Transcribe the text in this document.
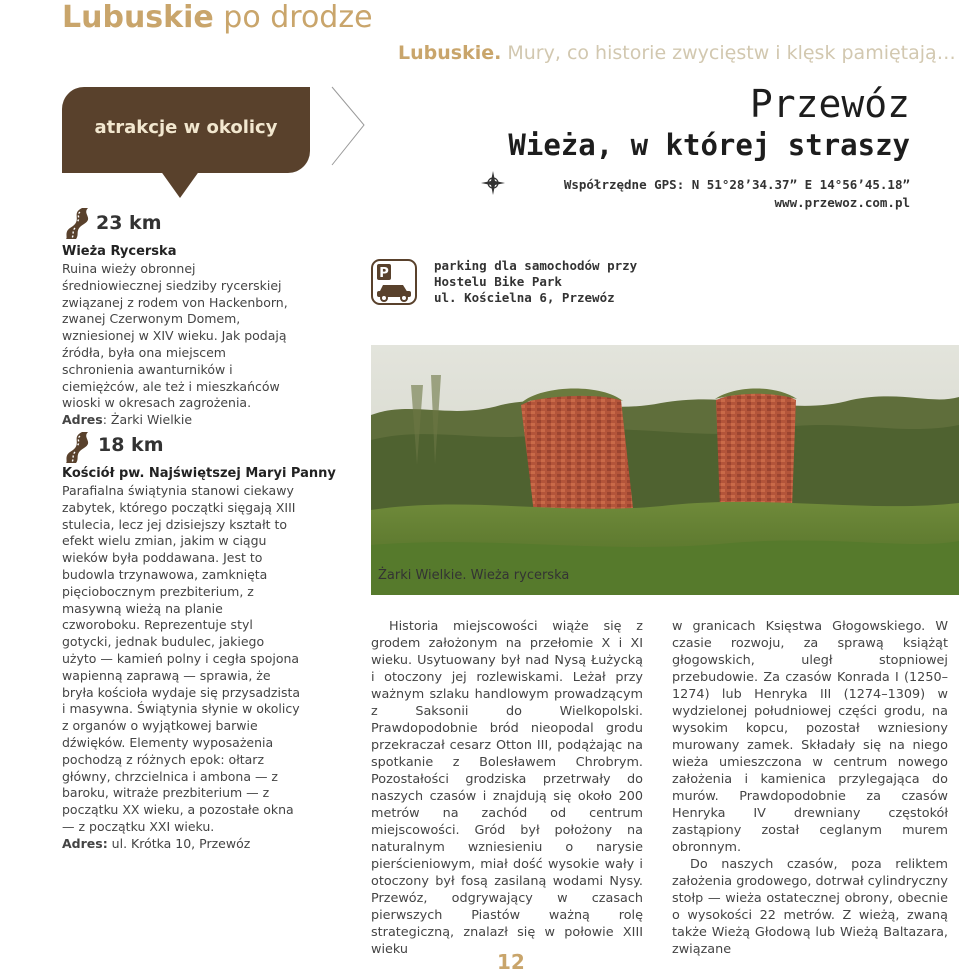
Lubuskie po drodze
Lubuskie. Mury, co historie zwycięstw i klęsk pamiętają…
atrakcje w okolicy
23 km
Wieża Rycerska
Ruina wieży obronnej średniowiecznej siedziby rycerskiej związanej z rodem von Hackenborn, zwanej Czerwonym Domem, wzniesionej w XIV wieku. Jak podają źródła, była ona miejscem schronienia awanturników i ciemiężców, ale też i mieszkańców wioski w okresach zagrożenia.
Adres: Żarki Wielkie
18 km
Kościół pw. Najświętszej Maryi Panny
Parafialna świątynia stanowi ciekawy zabytek, którego początki sięgają XIII stulecia, lecz jej dzisiejszy kształt to efekt wielu zmian, jakim w ciągu wieków była poddawana. Jest to budowla trzynawowa, zamknięta pięciobocznym prezbiterium, z masywną wieżą na planie czworoboku. Reprezentuje styl gotycki, jednak budulec, jakiego użyto — kamień polny i cegła spojona wapienną zaprawą — sprawia, że bryła kościoła wydaje się przysadzista i masywna. Świątynia słynie w okolicy z organów o wyjątkowej barwie dźwięków. Elementy wyposażenia pochodzą z różnych epok: ołtarz główny, chrzcielnica i ambona — z baroku, witraże prezbiterium — z początku XX wieku, a pozostałe okna — z początku XXI wieku.
Adres: ul. Krótka 10, Przewóz
Przewóz
Wieża, w której straszy
Współrzędne GPS: N 51°28’34.37” E 14°56’45.18”
www.przewoz.com.pl
P
parking dla samochodów przy
Hostelu Bike Park
ul. Kościelna 6, Przewóz
Żarki Wielkie. Wieża rycerska

Historia miejscowości wiąże się z grodem założonym na przełomie X i XI wieku. Usytuowany był nad Nysą Łużycką i otoczony jej rozlewiskami. Leżał przy ważnym szlaku handlowym prowadzącym z Saksonii do Wielkopolski. Prawdopodobnie bród nieopodal grodu przekraczał cesarz Otton III, podążając na spotkanie z Bolesławem Chrobrym. Pozostałości grodziska przetrwały do naszych czasów i znajdują się około 200 metrów na zachód od centrum miejscowości. Gród był położony na naturalnym wzniesieniu o narysie pierścieniowym, miał dość wysokie wały i otoczony był fosą zasilaną wodami Nysy. Przewóz, odgrywający w czasach pierwszych Piastów ważną rolę strategiczną, znalazł się w połowie XIII wieku

w granicach Księstwa Głogowskiego. W czasie rozwoju, za sprawą książąt głogowskich, uległ stopniowej przebudowie. Za czasów Konrada I (1250–1274) lub Henryka III (1274–1309) w wydzielonej południowej części grodu, na wysokim kopcu, pozostał wzniesiony murowany zamek. Składały się na niego wieża umieszczona w centrum nowego założenia i kamienica przylegająca do murów. Prawdopodobnie za czasów Henryka IV drewniany częstokół zastąpiony został ceglanym murem obronnym.

Do naszych czasów, poza reliktem założenia grodowego, dotrwał cylindryczny stołp — wieża ostatecznej obrony, obecnie o wysokości 22 metrów. Z wieżą, zwaną także Wieżą Głodową lub Wieżą Baltazara, związane

12
